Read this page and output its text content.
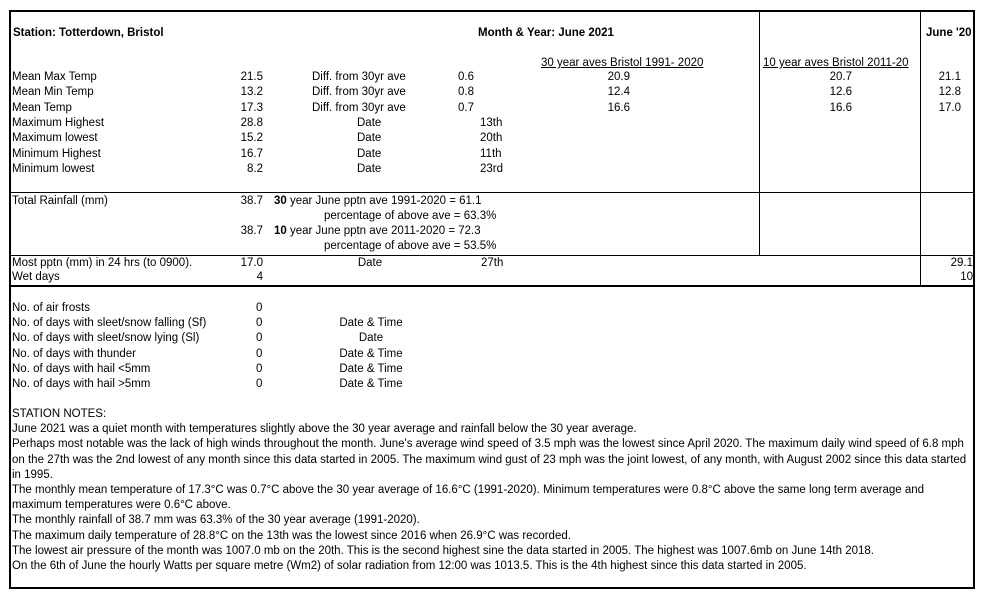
Station: Totterdown, Bristol	Month & Year: June 2021	June '20
30 year aves Bristol 1991- 2020	10 year aves Bristol 2011-20
Mean Max Temp	21.5	Diff. from 30yr ave	0.6	20.9	20.7	21.1
Mean Min Temp	13.2	Diff. from 30yr ave	0.8	12.4	12.6	12.8
Mean Temp	17.3	Diff. from 30yr ave	0.7	16.6	16.6	17.0
Maximum Highest	28.8	Date	13th
Maximum lowest	15.2	Date	20th
Minimum Highest	16.7	Date	11th
Minimum lowest	8.2	Date	23rd
Total Rainfall (mm)	38.7 30 year June pptn ave 1991-2020 = 61.1
percentage of above ave = 63.3%
38.7 10 year June pptn ave 2011-2020 = 72.3
percentage of above ave = 53.5%
Most pptn (mm) in 24 hrs (to 0900).	17.0	Date	27th	29.1
Wet days	4	10
No. of air frosts	0
No. of days with sleet/snow falling (Sf)	0	Date & Time
No. of days with sleet/snow lying (Sl)	0	Date
No. of days with thunder	0	Date & Time
No. of days with hail <5mm	0	Date & Time
No. of days with hail >5mm	0	Date & Time
STATION NOTES:
June 2021 was a quiet month with temperatures slightly above the 30 year average and rainfall below the 30 year average.
Perhaps most notable was the lack of high winds throughout the month. June's average wind speed of 3.5 mph was the lowest since April 2020. The maximum daily wind speed of 6.8 mph on the 27th was the 2nd lowest of any month since this data started in 2005. The maximum wind gust of 23 mph was the joint lowest, of any month, with August 2002 since this data started in 1995.
The monthly mean temperature of 17.3°C was 0.7°C above the 30 year average of 16.6°C (1991-2020). Minimum temperatures were 0.8°C above the same long term average and maximum temperatures were 0.6°C above.
The monthly rainfall of 38.7 mm was 63.3% of the 30 year average (1991-2020).
The maximum daily temperature of 28.8°C on the 13th was the lowest since 2016 when 26.9°C was recorded.
The lowest air pressure of the month was 1007.0 mb on the 20th. This is the second highest sine the data started in 2005. The highest was 1007.6mb on June 14th 2018.
On the 6th of June the hourly Watts per square metre (Wm2) of solar radiation from 12:00 was 1013.5. This is the 4th highest since this data started in 2005.
